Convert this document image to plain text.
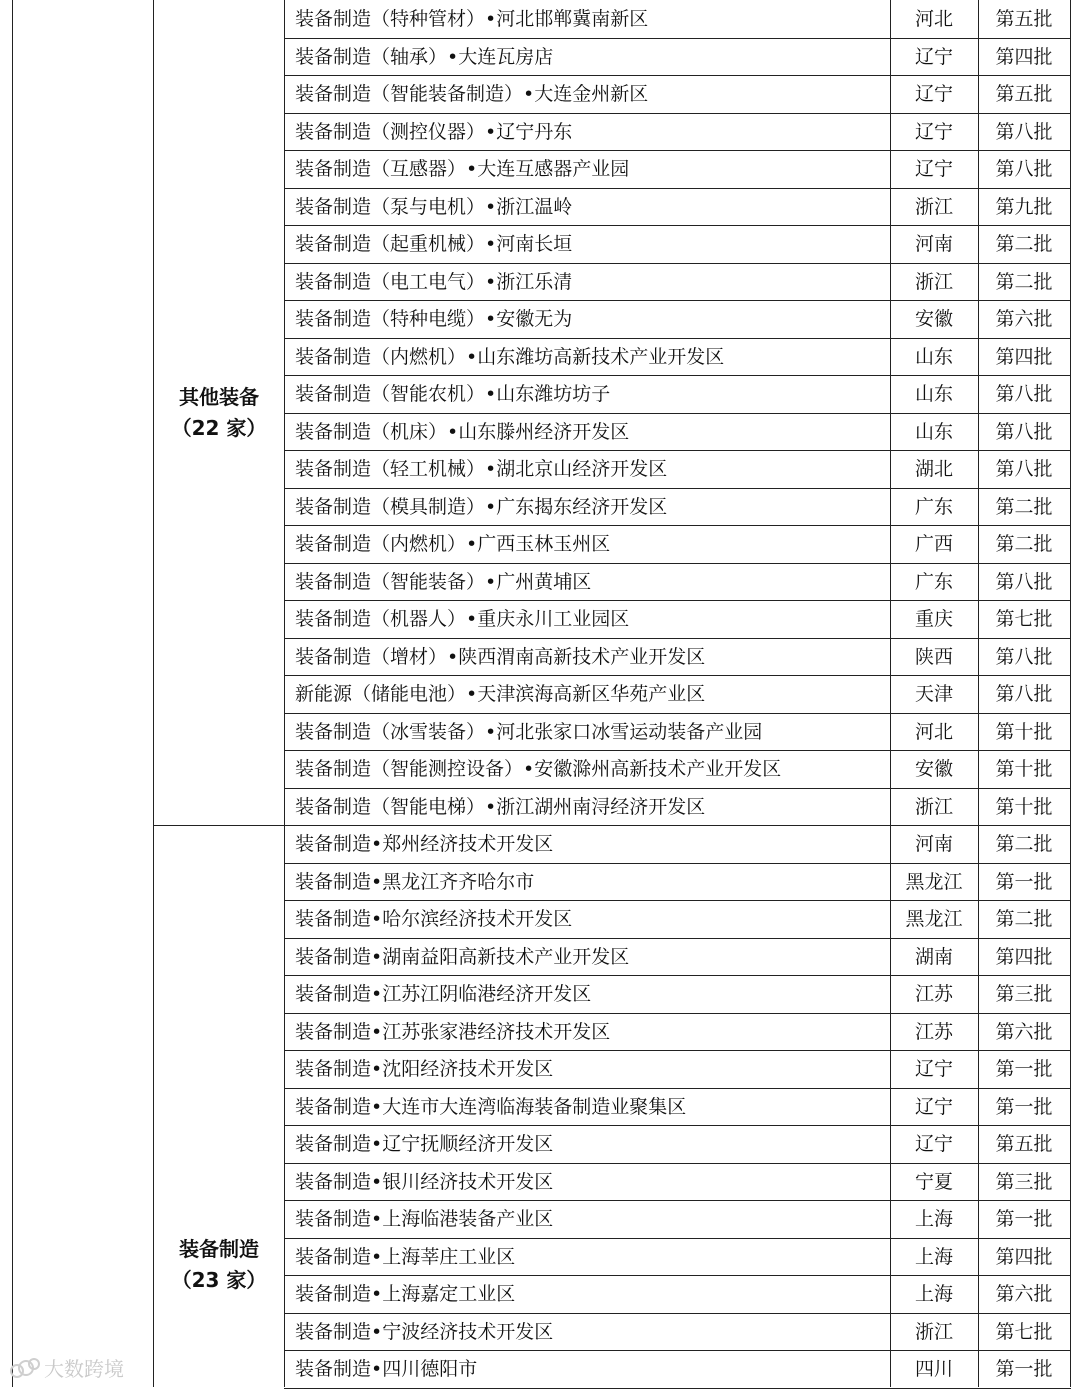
装备制造（特种管材）•河北邯郸冀南新区	河北	第五批
装备制造（轴承）•大连瓦房店	辽宁	第四批
装备制造（智能装备制造）•大连金州新区	辽宁	第五批
装备制造（测控仪器）•辽宁丹东	辽宁	第八批
装备制造（互感器）•大连互感器产业园	辽宁	第八批
装备制造（泵与电机）•浙江温岭	浙江	第九批
装备制造（起重机械）•河南长垣	河南	第二批
装备制造（电工电气）•浙江乐清	浙江	第二批
装备制造（特种电缆）•安徽无为	安徽	第六批
装备制造（内燃机）•山东潍坊高新技术产业开发区	山东	第四批
装备制造（智能农机）•山东潍坊坊子	山东	第八批
装备制造（机床）•山东滕州经济开发区	山东	第八批
装备制造（轻工机械）•湖北京山经济开发区	湖北	第八批
装备制造（模具制造）•广东揭东经济开发区	广东	第二批
装备制造（内燃机）•广西玉林玉州区	广西	第二批
装备制造（智能装备）•广州黄埔区	广东	第八批
装备制造（机器人）•重庆永川工业园区	重庆	第七批
装备制造（增材）•陕西渭南高新技术产业开发区	陕西	第八批
新能源（储能电池）•天津滨海高新区华苑产业区	天津	第八批
装备制造（冰雪装备）•河北张家口冰雪运动装备产业园	河北	第十批
装备制造（智能测控设备）•安徽滁州高新技术产业开发区	安徽	第十批
装备制造（智能电梯）•浙江湖州南浔经济开发区	浙江	第十批
装备制造•郑州经济技术开发区	河南	第二批
装备制造•黑龙江齐齐哈尔市	黑龙江	第一批
装备制造•哈尔滨经济技术开发区	黑龙江	第二批
装备制造•湖南益阳高新技术产业开发区	湖南	第四批
装备制造•江苏江阴临港经济开发区	江苏	第三批
装备制造•江苏张家港经济技术开发区	江苏	第六批
装备制造•沈阳经济技术开发区	辽宁	第一批
装备制造•大连市大连湾临海装备制造业聚集区	辽宁	第一批
装备制造•辽宁抚顺经济开发区	辽宁	第五批
装备制造•银川经济技术开发区	宁夏	第三批
装备制造•上海临港装备产业区	上海	第一批
装备制造•上海莘庄工业区	上海	第四批
装备制造•上海嘉定工业区	上海	第六批
装备制造•宁波经济技术开发区	浙江	第七批
装备制造•四川德阳市	四川	第一批
其他装备
（22 家）
装备制造
（23 家）
大数跨境
